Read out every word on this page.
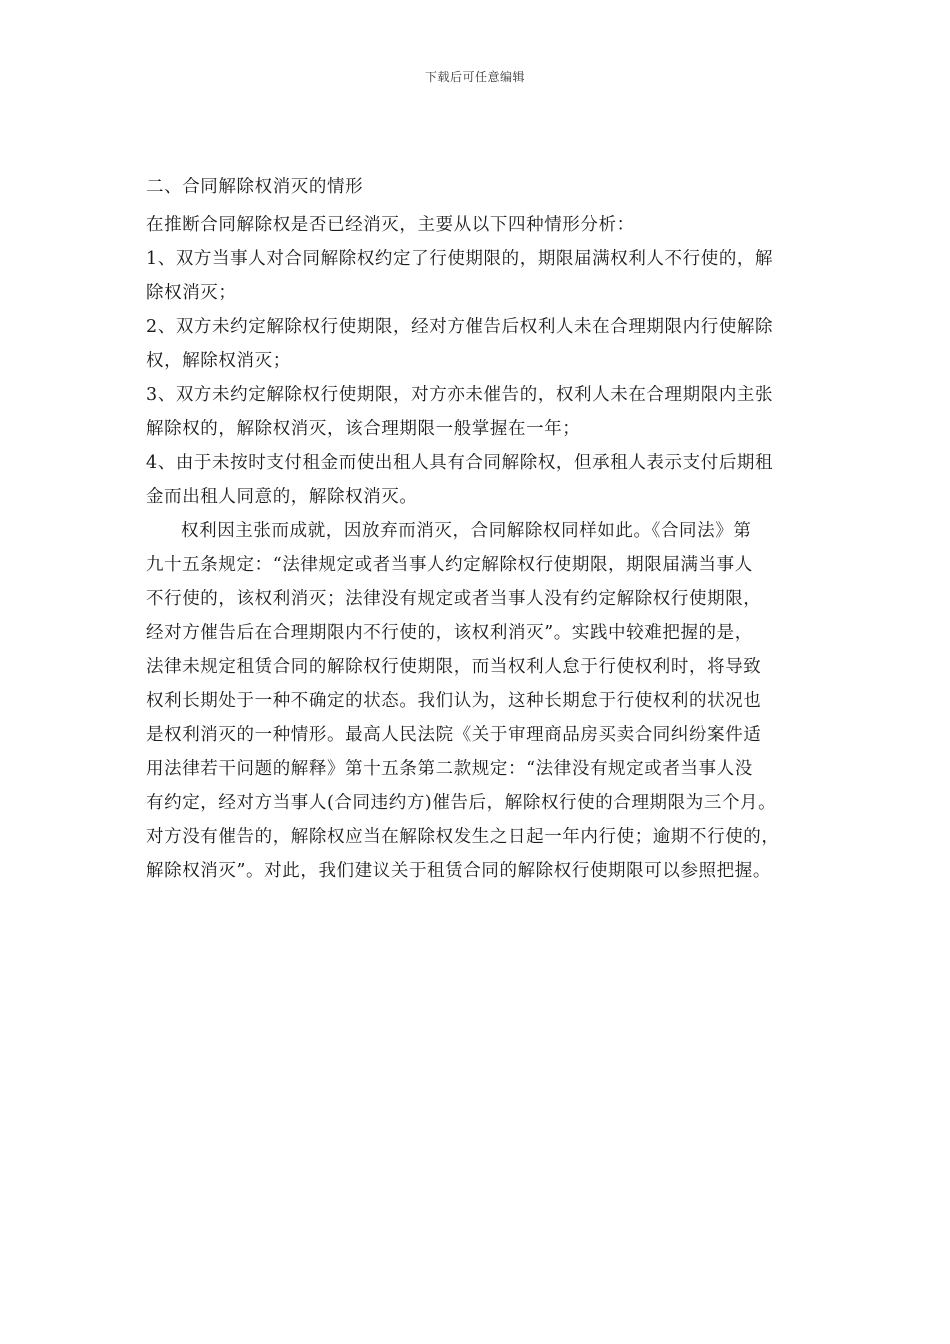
下载后可任意编辑

二、合同解除权消灭的情形

在推断合同解除权是否已经消灭，主要从以下四种情形分析：

1、双方当事人对合同解除权约定了行使期限的，期限届满权利人不行使的，解

除权消灭；

2、双方未约定解除权行使期限，经对方催告后权利人未在合理期限内行使解除

权，解除权消灭；

3、双方未约定解除权行使期限，对方亦未催告的，权利人未在合理期限内主张

解除权的，解除权消灭，该合理期限一般掌握在一年；

4、由于未按时支付租金而使出租人具有合同解除权，但承租人表示支付后期租

金而出租人同意的，解除权消灭。

权利因主张而成就，因放弃而消灭，合同解除权同样如此。《合同法》第

九十五条规定：“法律规定或者当事人约定解除权行使期限，期限届满当事人

不行使的，该权利消灭；法律没有规定或者当事人没有约定解除权行使期限，

经对方催告后在合理期限内不行使的，该权利消灭”。实践中较难把握的是，

法律未规定租赁合同的解除权行使期限，而当权利人怠于行使权利时，将导致

权利长期处于一种不确定的状态。我们认为，这种长期怠于行使权利的状况也

是权利消灭的一种情形。最高人民法院《关于审理商品房买卖合同纠纷案件适

用法律若干问题的解释》第十五条第二款规定：“法律没有规定或者当事人没

有约定，经对方当事人(合同违约方)催告后，解除权行使的合理期限为三个月。

对方没有催告的，解除权应当在解除权发生之日起一年内行使；逾期不行使的，

解除权消灭”。对此，我们建议关于租赁合同的解除权行使期限可以参照把握。
